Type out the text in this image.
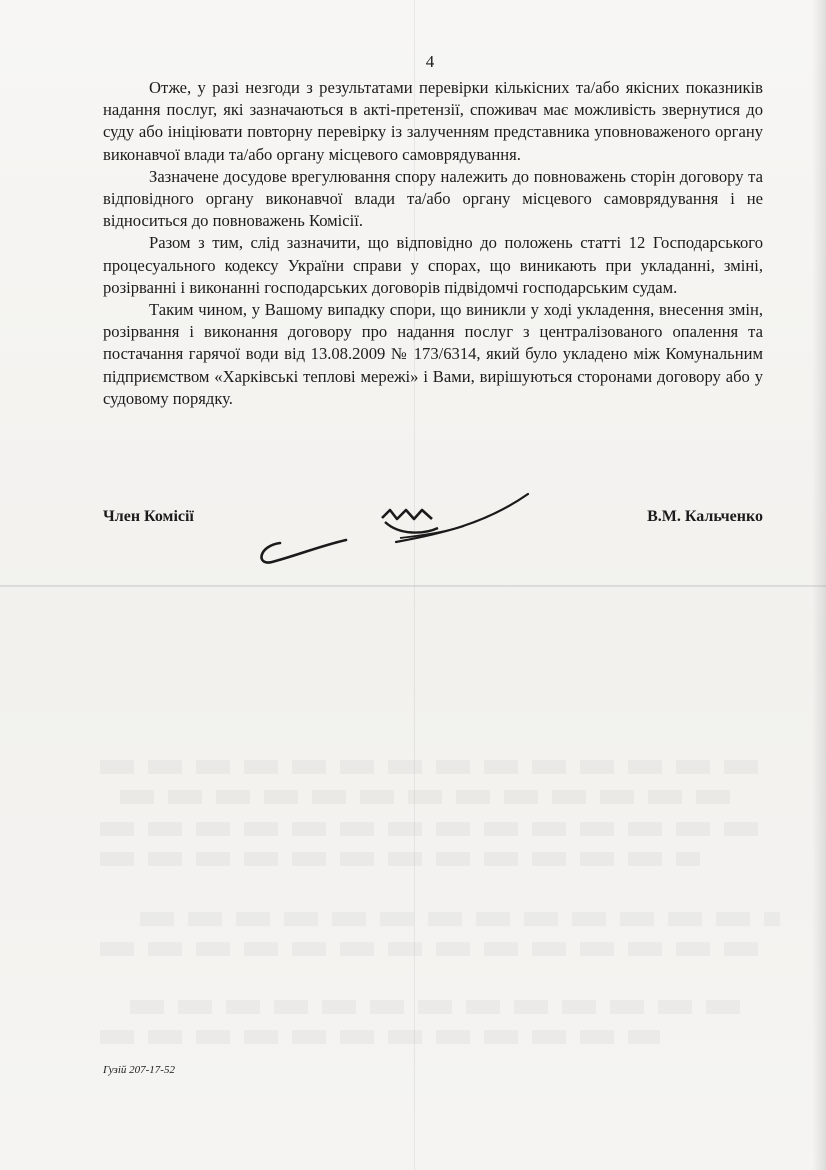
4

Отже, у разі незгоди з результатами перевірки кількісних та/або якісних показників надання послуг, які зазначаються в акті-претензії, споживач має можливість звернутися до суду або ініціювати повторну перевірку із залученням представника уповноваженого органу виконавчої влади та/або органу місцевого самоврядування.

Зазначене досудове врегулювання спору належить до повноважень сторін договору та відповідного органу виконавчої влади та/або органу місцевого самоврядування і не відноситься до повноважень Комісії.

Разом з тим, слід зазначити, що відповідно до положень статті 12 Господарського процесуального кодексу України справи у спорах, що виникають при укладанні, зміні, розірванні і виконанні господарських договорів підвідомчі господарським судам.

Таким чином, у Вашому випадку спори, що виникли у ході укладення, внесення змін, розірвання і виконання договору про надання послуг з централізованого опалення та постачання гарячої води від 13.08.2009 № 173/6314, який було укладено між Комунальним підприємством «Харківські теплові мережі» і Вами, вирішуються сторонами договору або у судовому порядку.

Член Комісії	В.М. Кальченко
Гузій 207-17-52
